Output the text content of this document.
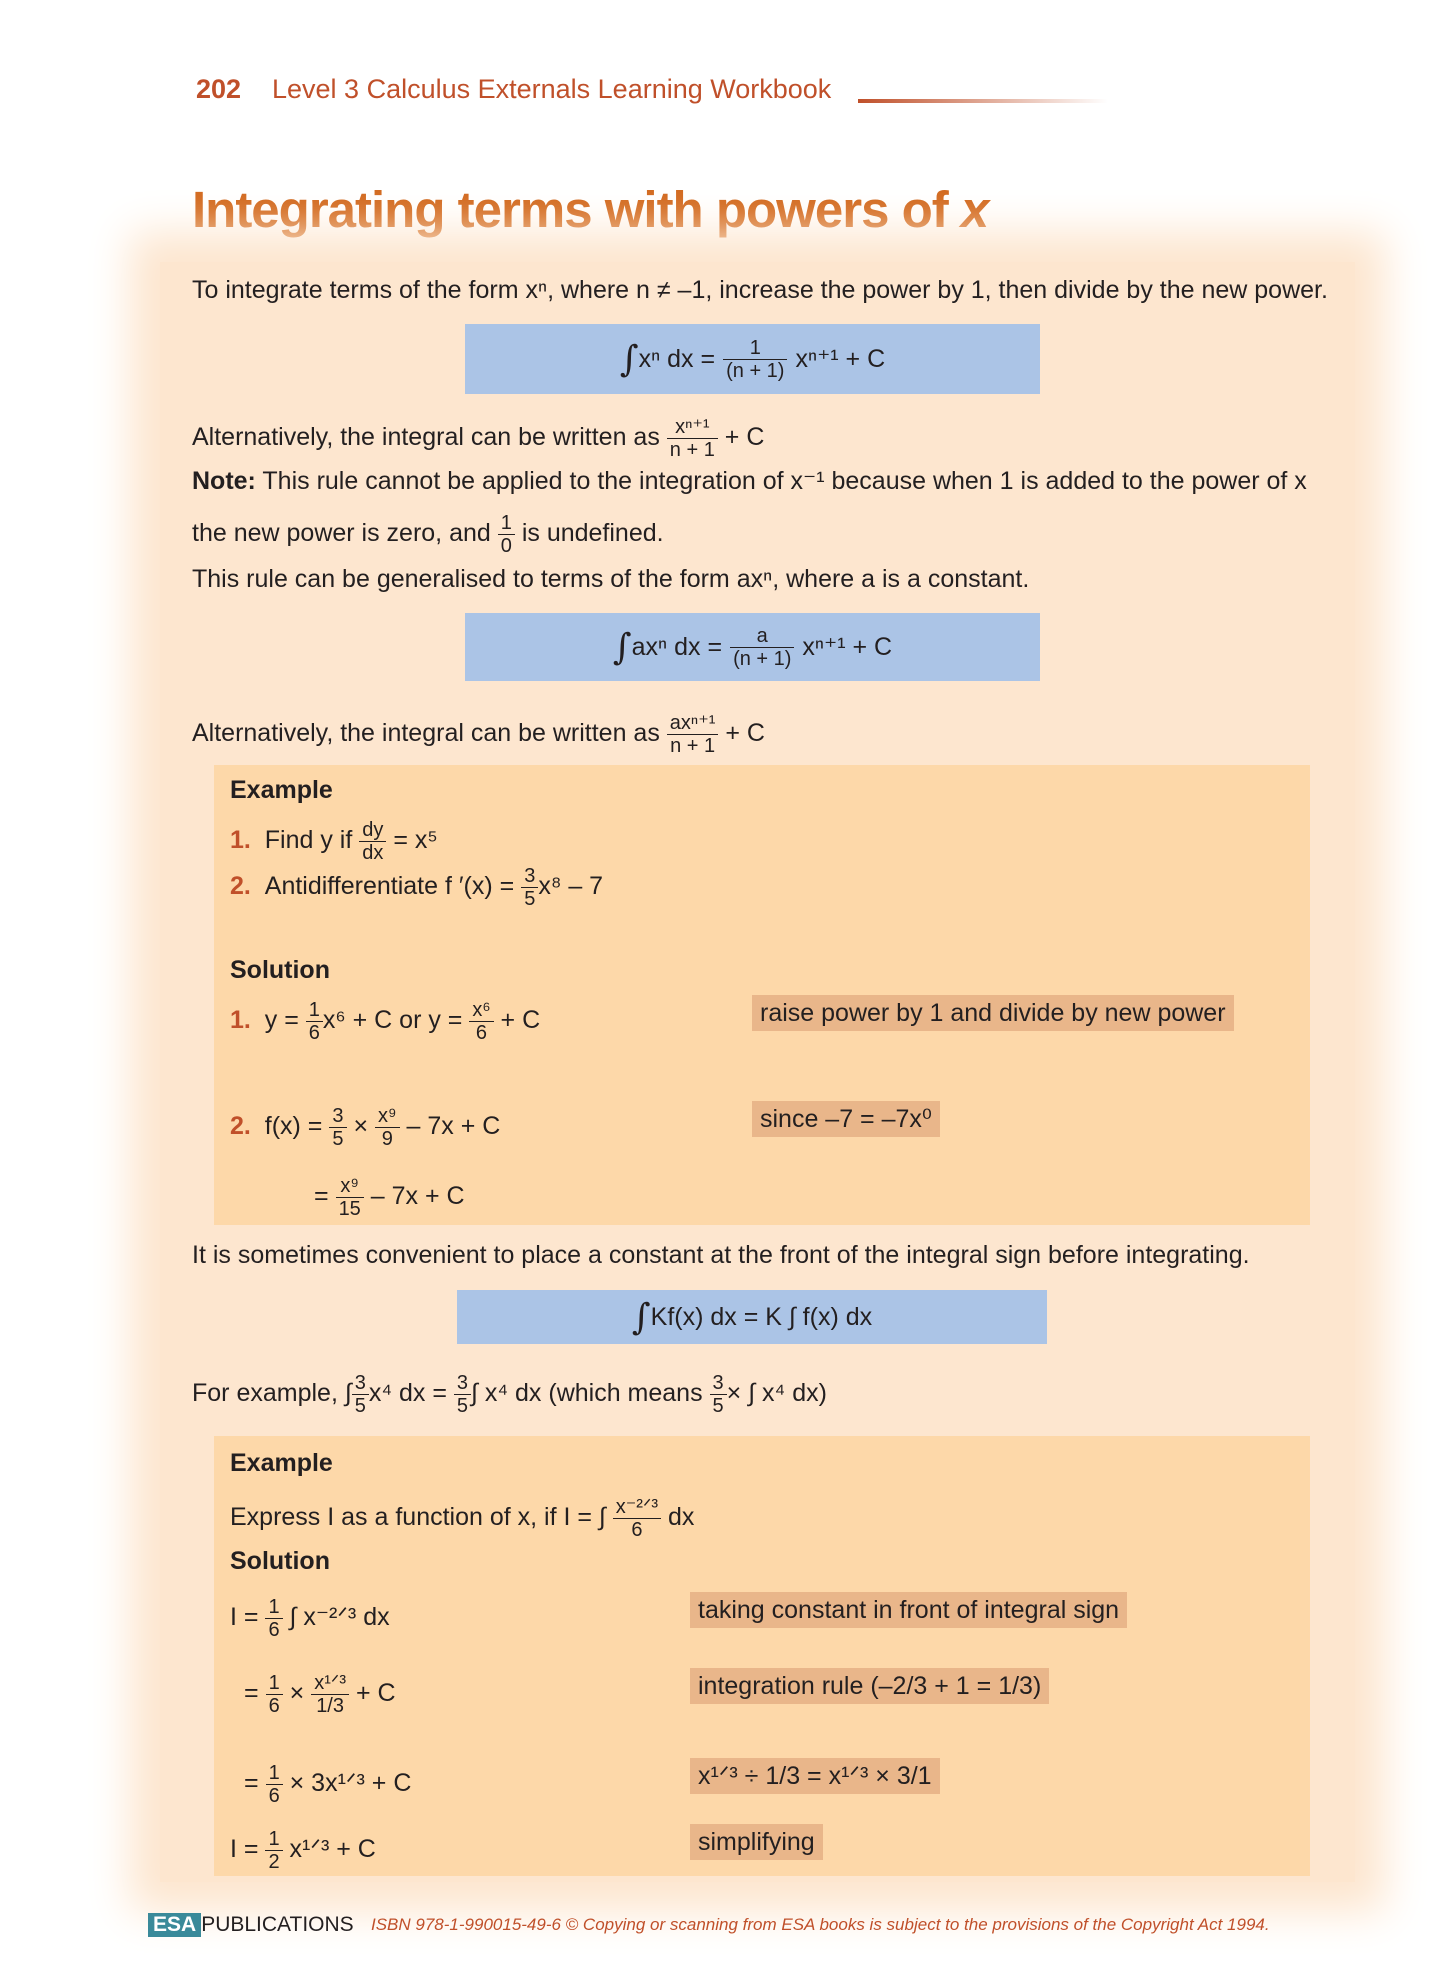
202 Level 3 Calculus Externals Learning Workbook
Integrating terms with powers of x
To integrate terms of the form xⁿ, where n ≠ –1, increase the power by 1, then divide by the new power.
∫ xⁿ dx = $\frac{1}{(n + 1)} x^{n+1} + C$
Alternatively, the integral can be written as $\frac{\text{xⁿ⁺¹}}{n + 1} + C$
Note: This rule cannot be applied to the integration of x⁻¹ because when 1 is added to the power of x
the new power is zero, and $\frac{1}{0}$ is undefined.
This rule can be generalised to terms of the form axⁿ, where a is a constant.
∫ axⁿ dx = $\frac{a}{(n + 1)} x^{n+1} + C$
Alternatively, the integral can be written as $\frac{\text{axⁿ⁺¹}}{n + 1} + C$
Example
1. Find y if $\frac{dy}{dx} = x^5$
2. Antidifferentiate f $'(x) = \frac{3}{5} x^8 - 7$
Solution
1. $y = \frac{1}{6} x^6 + C$ or $y = \frac{\text{x⁶}}{6} + C$	raise power by 1 and divide by new power
2. $f(x) = \frac{3}{5} \times \frac{\text{x⁹}}{9} - 7x + C$	since –7 = –7x⁰
= $\frac{\text{x⁹}}{15} - 7x + C$
It is sometimes convenient to place a constant at the front of the integral sign before integrating.
∫ Kf(x) dx = K ∫ f(x) dx
For example, ∫ $\frac{3}{5} x^4$ dx = $\frac{3}{5}$ ∫ x⁴ dx (which means $\frac{3}{5}$ × ∫ x⁴ dx)
Example
Express I as a function of x, if I = ∫ $\frac{\text{x⁻²ᐟ³}}{6}$ dx
Solution
$I = \frac{1}{6}$ ∫ x⁻²ᐟ³ dx	taking constant in front of integral sign
= $\frac{1}{6} \times \frac{\text{x¹ᐟ³}}{1/3} + C$	integration rule (–2/3 + 1 = 1/3)
= $\frac{1}{6}$ × 3x¹ᐟ³ + C	x¹ᐟ³ ÷ 1/3 = x¹ᐟ³ × 3/1
$I = \frac{1}{2}$ x¹ᐟ³ + C	simplifying
ESA PUBLICATIONS ISBN 978-1-990015-49-6 © Copying or scanning from ESA books is subject to the provisions of the Copyright Act 1994.
